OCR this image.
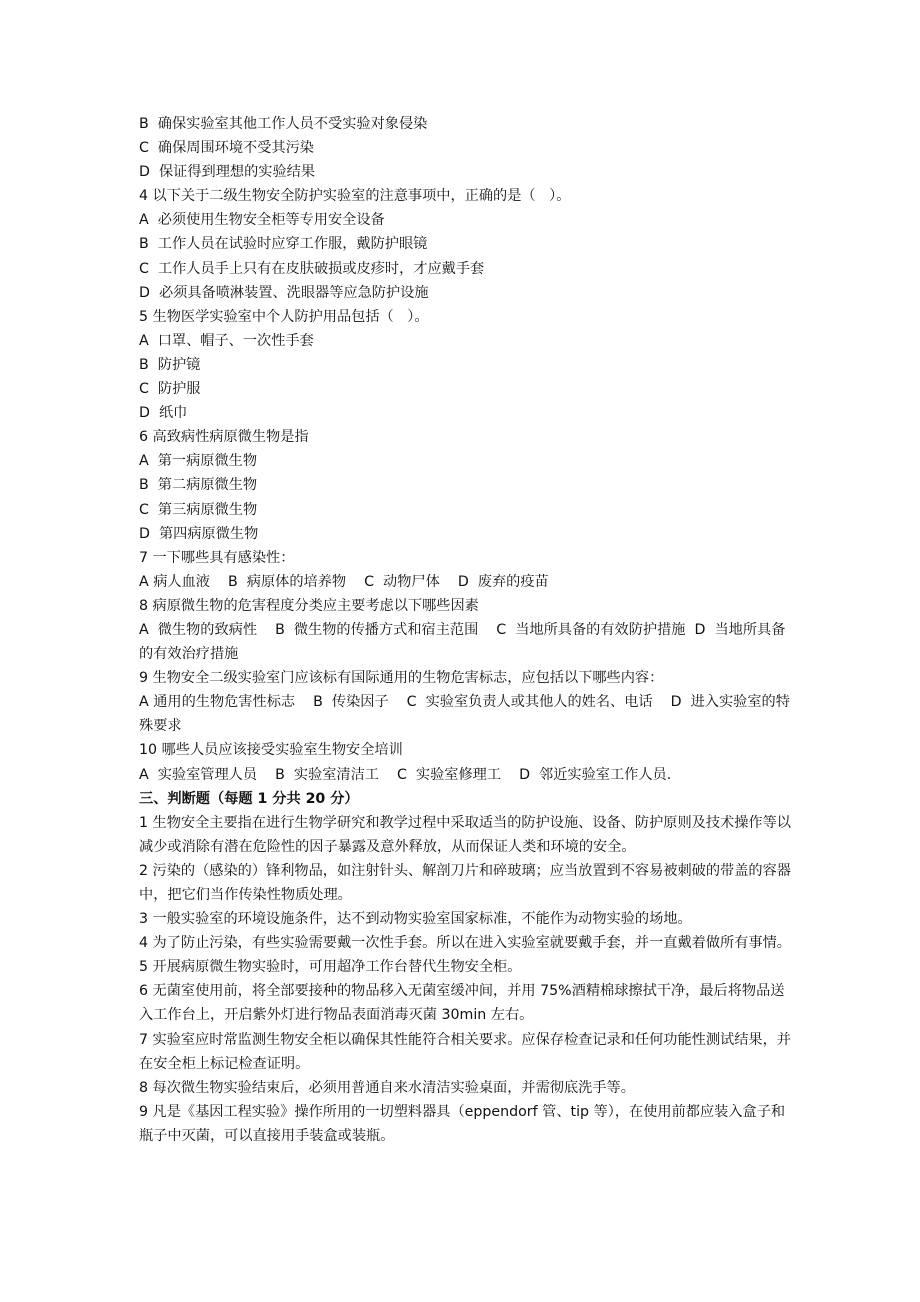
B  确保实验室其他工作人员不受实验对象侵染

C  确保周围环境不受其污染

D  保证得到理想的实验结果

4 以下关于二级生物安全防护实验室的注意事项中，正确的是（   ）。

A  必须使用生物安全柜等专用安全设备

B  工作人员在试验时应穿工作服，戴防护眼镜

C  工作人员手上只有在皮肤破损或皮疹时，才应戴手套

D  必须具备喷淋装置、洗眼器等应急防护设施

5 生物医学实验室中个人防护用品包括（   ）。

A  口罩、帽子、一次性手套

B  防护镜

C  防护服

D  纸巾

6 高致病性病原微生物是指

A  第一病原微生物

B  第二病原微生物

C  第三病原微生物

D  第四病原微生物

7 一下哪些具有感染性：

A 病人血液    B  病原体的培养物    C  动物尸体    D  废弃的疫苗

8 病原微生物的危害程度分类应主要考虑以下哪些因素

A  微生物的致病性    B  微生物的传播方式和宿主范围    C  当地所具备的有效防护措施  D  当地所具备的有效治疗措施

9 生物安全二级实验室门应该标有国际通用的生物危害标志，应包括以下哪些内容：

A 通用的生物危害性标志    B  传染因子    C  实验室负责人或其他人的姓名、电话    D  进入实验室的特殊要求

10 哪些人员应该接受实验室生物安全培训

A  实验室管理人员    B  实验室清洁工    C  实验室修理工    D  邻近实验室工作人员.

三、判断题（每题 1 分共 20 分）

1 生物安全主要指在进行生物学研究和教学过程中采取适当的防护设施、设备、防护原则及技术操作等以减少或消除有潜在危险性的因子暴露及意外释放，从而保证人类和环境的安全。

2 污染的（感染的）锋利物品，如注射针头、解剖刀片和碎玻璃；应当放置到不容易被刺破的带盖的容器中，把它们当作传染性物质处理。

3 一般实验室的环境设施条件，达不到动物实验室国家标准，不能作为动物实验的场地。

4 为了防止污染，有些实验需要戴一次性手套。所以在进入实验室就要戴手套，并一直戴着做所有事情。

5 开展病原微生物实验时，可用超净工作台替代生物安全柜。

6 无菌室使用前，将全部要接种的物品移入无菌室缓冲间，并用 75%酒精棉球擦拭干净，最后将物品送入工作台上，开启紫外灯进行物品表面消毒灭菌 30min 左右。

7 实验室应时常监测生物安全柜以确保其性能符合相关要求。应保存检查记录和任何功能性测试结果，并在安全柜上标记检查证明。

8 每次微生物实验结束后，必须用普通自来水清洁实验桌面，并需彻底洗手等。

9 凡是《基因工程实验》操作所用的一切塑料器具（eppendorf 管、tip 等），在使用前都应装入盒子和瓶子中灭菌，可以直接用手装盒或装瓶。
